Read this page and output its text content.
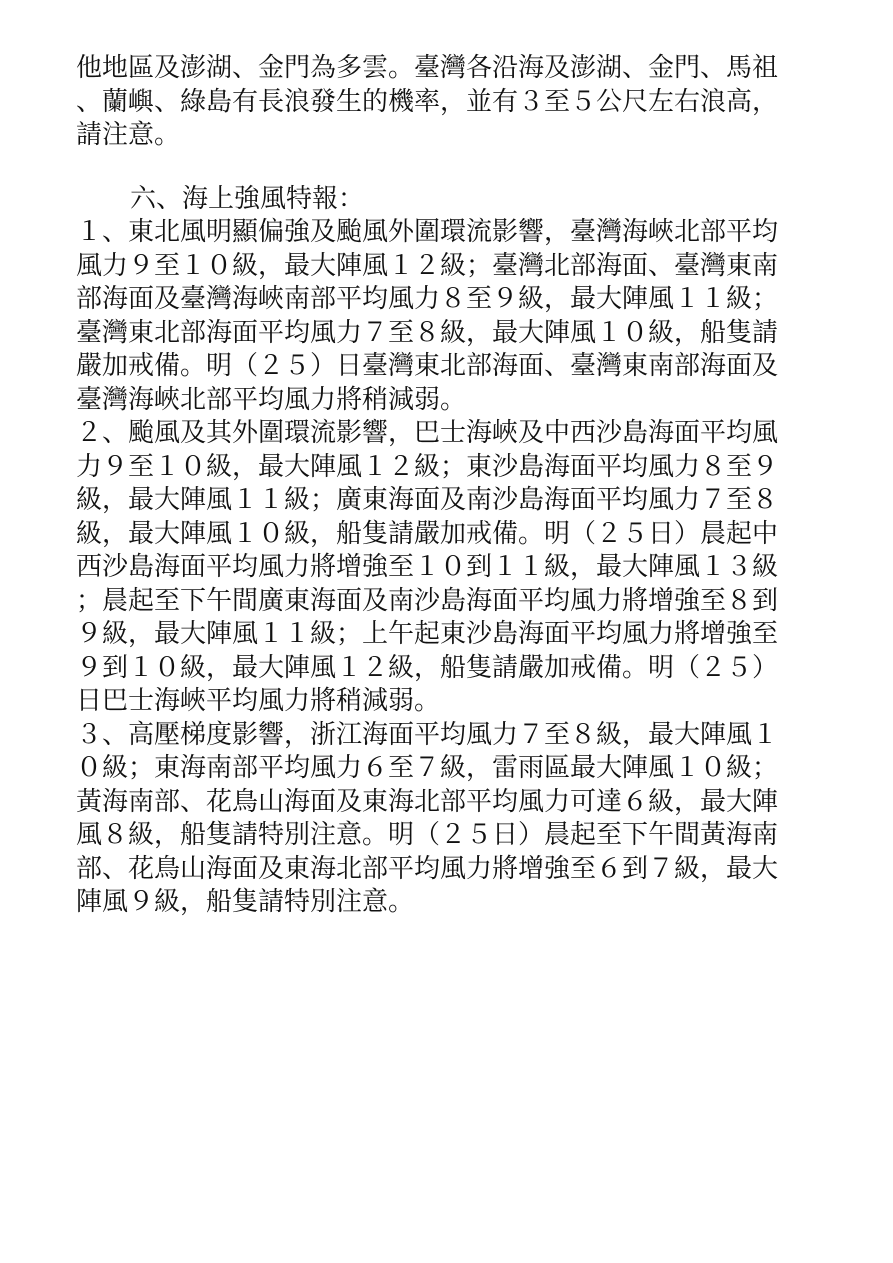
他地區及澎湖、金門為多雲。臺灣各沿海及澎湖、金門、馬祖
、蘭嶼、綠島有長浪發生的機率，並有３至５公尺左右浪高，
請注意。
六、海上強風特報：
１、東北風明顯偏強及颱風外圍環流影響，臺灣海峽北部平均
風力９至１０級，最大陣風１２級；臺灣北部海面、臺灣東南
部海面及臺灣海峽南部平均風力８至９級，最大陣風１１級；
臺灣東北部海面平均風力７至８級，最大陣風１０級，船隻請
嚴加戒備。明（２５）日臺灣東北部海面、臺灣東南部海面及
臺灣海峽北部平均風力將稍減弱。
２、颱風及其外圍環流影響，巴士海峽及中西沙島海面平均風
力９至１０級，最大陣風１２級；東沙島海面平均風力８至９
級，最大陣風１１級；廣東海面及南沙島海面平均風力７至８
級，最大陣風１０級，船隻請嚴加戒備。明（２５日）晨起中
西沙島海面平均風力將增強至１０到１１級，最大陣風１３級
；晨起至下午間廣東海面及南沙島海面平均風力將增強至８到
９級，最大陣風１１級；上午起東沙島海面平均風力將增強至
９到１０級，最大陣風１２級，船隻請嚴加戒備。明（２５）
日巴士海峽平均風力將稍減弱。
３、高壓梯度影響，浙江海面平均風力７至８級，最大陣風１
０級；東海南部平均風力６至７級，雷雨區最大陣風１０級；
黃海南部、花鳥山海面及東海北部平均風力可達６級，最大陣
風８級，船隻請特別注意。明（２５日）晨起至下午間黃海南
部、花鳥山海面及東海北部平均風力將增強至６到７級，最大
陣風９級，船隻請特別注意。
